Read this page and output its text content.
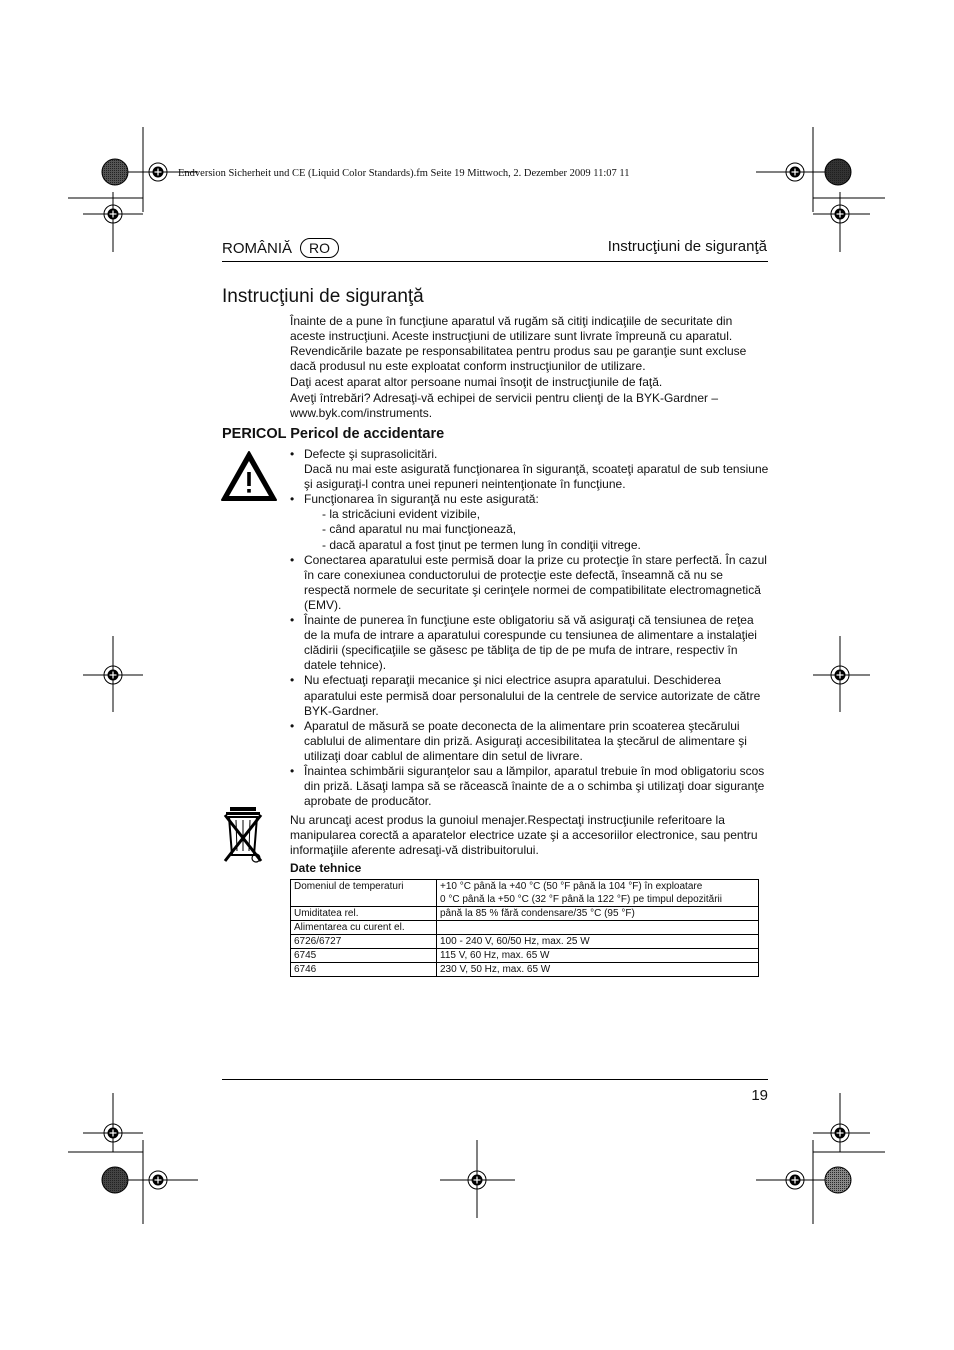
Endversion Sicherheit und CE (Liquid Color Standards).fm Seite 19 Mittwoch, 2. Dezember 2009 11:07 11
ROMÂNIĂ	RO	Instrucţiuni de siguranţă
Instrucţiuni de siguranţă

Înainte de a pune în funcţiune aparatul vă rugăm să citiţi indicaţiile de securitate din aceste instrucţiuni. Aceste instrucţiuni de utilizare sunt livrate împreună cu aparatul. Revendicările bazate pe responsabilitatea pentru produs sau pe garanţie sunt excluse dacă produsul nu este exploatat conform instrucţiunilor de utilizare.

Daţi acest aparat altor persoane numai însoţit de instrucţiunile de faţă.

Aveţi întrebări? Adresaţi-vă echipei de servicii pentru clienţi de la BYK-Gardner – www.byk.com/instruments.

PERICOL Pericol de accidentare
• Defecte şi suprasolicitări.
Dacă nu mai este asigurată funcţionarea în siguranţă, scoateţi aparatul de sub tensiune şi asiguraţi-l contra unei repuneri neintenţionate în funcţiune.
• Funcţionarea în siguranţă nu este asigurată:
- la stricăciuni evident vizibile,
- când aparatul nu mai funcţionează,
- dacă aparatul a fost ţinut pe termen lung în condiţii vitrege.
• Conectarea aparatului este permisă doar la prize cu protecţie în stare perfectă. În cazul în care conexiunea conductorului de protecţie este defectă, înseamnă că nu se respectă normele de securitate şi cerinţele normei de compatibilitate electromagnetică (EMV).
• Înainte de punerea în funcţiune este obligatoriu să vă asiguraţi că tensiunea de reţea de la mufa de intrare a aparatului corespunde cu tensiunea de alimentare a instalaţiei clădirii (specificaţiile se găsesc pe tăbliţa de tip de pe mufa de intrare, respectiv în datele tehnice).
• Nu efectuaţi reparaţii mecanice şi nici electrice asupra aparatului. Deschiderea aparatului este permisă doar personalului de la centrele de service autorizate de către BYK-Gardner.
• Aparatul de măsură se poate deconecta de la alimentare prin scoaterea ştecărului cablului de alimentare din priză. Asiguraţi accesibilitatea la ştecărul de alimentare şi utilizaţi doar cablul de alimentare din setul de livrare.
• Înaintea schimbării siguranţelor sau a lămpilor, aparatul trebuie în mod obligatoriu scos din priză. Lăsaţi lampa să se răcească înainte de a o schimba şi utilizaţi doar siguranţe aprobate de producător.
Nu aruncaţi acest produs la gunoiul menajer.Respectaţi instrucţiunile referitoare la manipularea corectă a aparatelor electrice uzate şi a accesoriilor electronice, sau pentru informaţiile aferente adresaţi-vă distribuitorului.
Date tehnice
Domeniul de temperaturi	+10 °C până la +40 °C (50 °F până la 104 °F) în exploatare
0 °C până la +50 °C (32 °F până la 122 °F) pe timpul depozitării

Umiditatea rel.	până la 85 % fără condensare/35 °C (95 °F)
Alimentarea cu curent el.	
6726/6727	100 - 240 V, 60/50 Hz, max. 25 W
6745	115 V, 60 Hz, max. 65 W
6746	230 V, 50 Hz, max. 65 W
19
